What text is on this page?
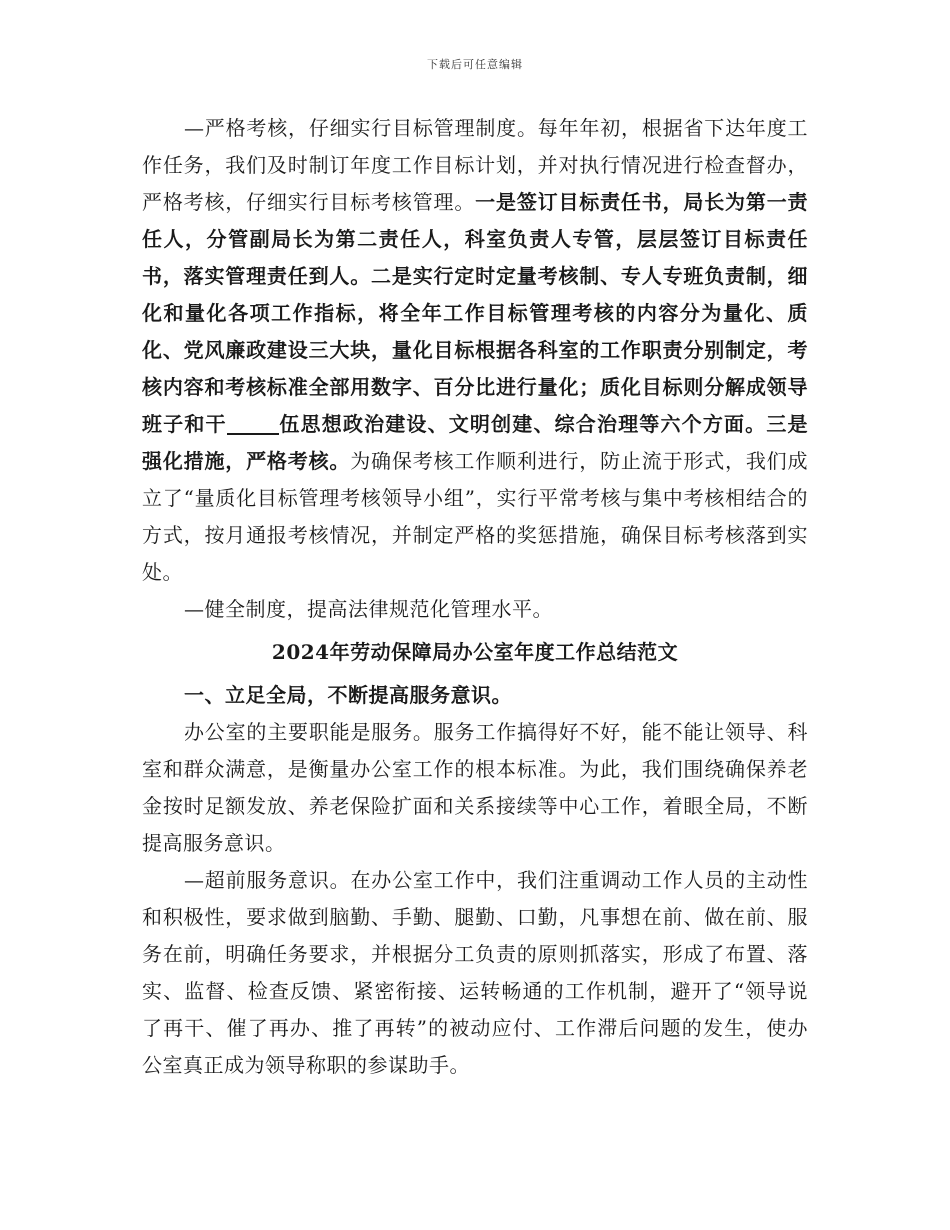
下载后可任意编辑

—严格考核，仔细实行目标管理制度。每年年初，根据省下达年度工作任务，我们及时制订年度工作目标计划，并对执行情况进行检查督办，严格考核，仔细实行目标考核管理。一是签订目标责任书，局长为第一责任人，分管副局长为第二责任人，科室负责人专管，层层签订目标责任书，落实管理责任到人。二是实行定时定量考核制、专人专班负责制，细化和量化各项工作指标，将全年工作目标管理考核的内容分为量化、质化、党风廉政建设三大块，量化目标根据各科室的工作职责分别制定，考核内容和考核标准全部用数字、百分比进行量化；质化目标则分解成领导班子和干	伍思想政治建设、文明创建、综合治理等六个方面。三是强化措施，严格考核。为确保考核工作顺利进行，防止流于形式，我们成立了“量质化目标管理考核领导小组”，实行平常考核与集中考核相结合的方式，按月通报考核情况，并制定严格的奖惩措施，确保目标考核落到实处。

—健全制度，提高法律规范化管理水平。

2024年劳动保障局办公室年度工作总结范文

一、立足全局，不断提高服务意识。

办公室的主要职能是服务。服务工作搞得好不好，能不能让领导、科室和群众满意，是衡量办公室工作的根本标准。为此，我们围绕确保养老金按时足额发放、养老保险扩面和关系接续等中心工作，着眼全局，不断提高服务意识。

—超前服务意识。在办公室工作中，我们注重调动工作人员的主动性和积极性，要求做到脑勤、手勤、腿勤、口勤，凡事想在前、做在前、服务在前，明确任务要求，并根据分工负责的原则抓落实，形成了布置、落实、监督、检查反馈、紧密衔接、运转畅通的工作机制，避开了“领导说了再干、催了再办、推了再转”的被动应付、工作滞后问题的发生，使办公室真正成为领导称职的参谋助手。
